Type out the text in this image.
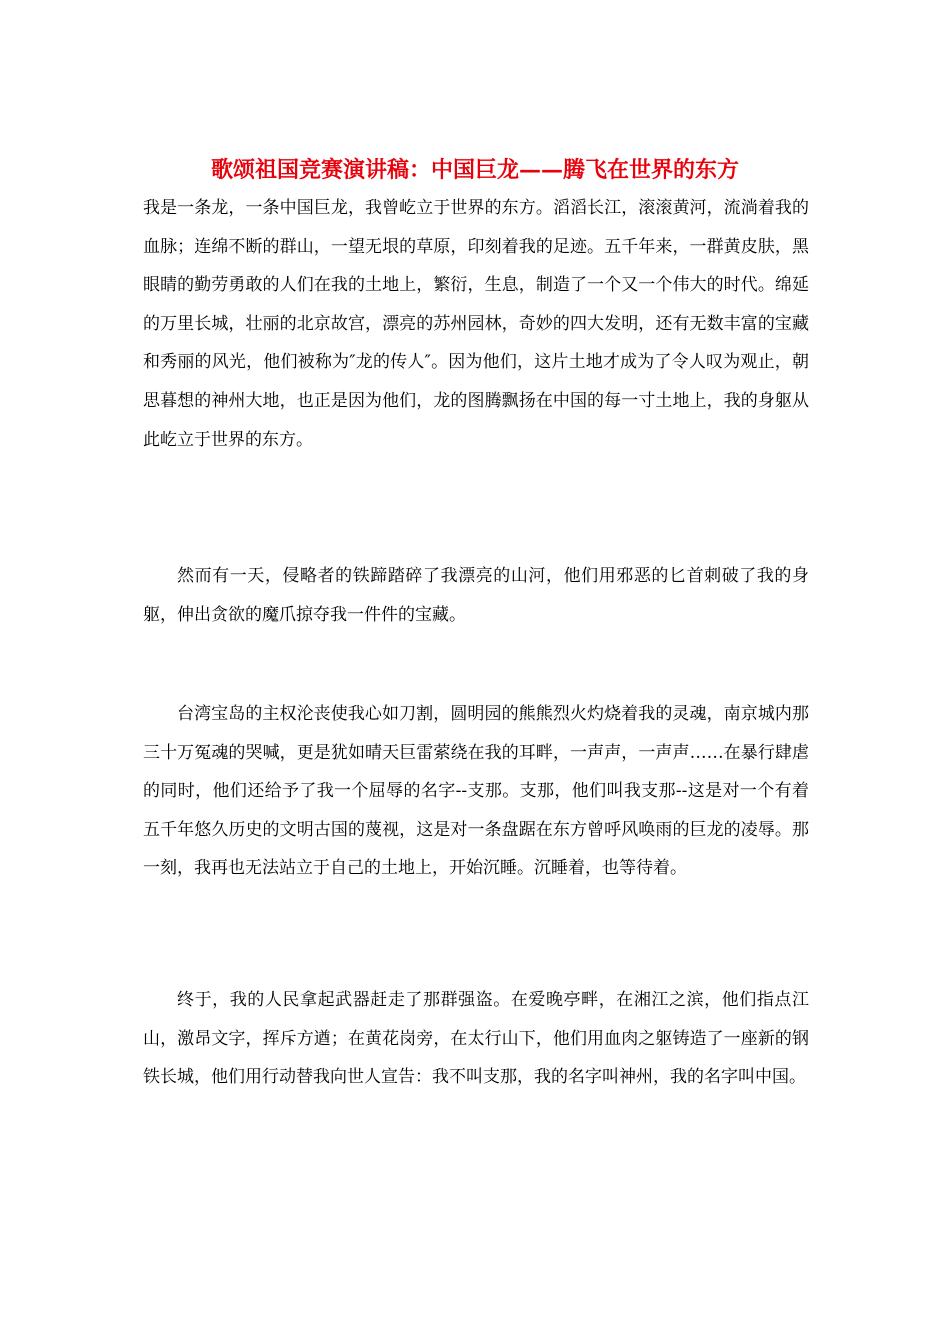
歌颂祖国竞赛演讲稿：中国巨龙——腾飞在世界的东方

我是一条龙，一条中国巨龙，我曾屹立于世界的东方。滔滔长江，滚滚黄河，流淌着我的血脉；连绵不断的群山，一望无垠的草原，印刻着我的足迹。五千年来，一群黄皮肤，黑眼睛的勤劳勇敢的人们在我的土地上，繁衍，生息，制造了一个又一个伟大的时代。绵延的万里长城，壮丽的北京故宫，漂亮的苏州园林，奇妙的四大发明，还有无数丰富的宝藏和秀丽的风光，他们被称为″龙的传人″。因为他们，这片土地才成为了令人叹为观止，朝思暮想的神州大地，也正是因为他们，龙的图腾飘扬在中国的每一寸土地上，我的身躯从此屹立于世界的东方。

然而有一天，侵略者的铁蹄踏碎了我漂亮的山河，他们用邪恶的匕首刺破了我的身躯，伸出贪欲的魔爪掠夺我一件件的宝藏。

台湾宝岛的主权沦丧使我心如刀割，圆明园的熊熊烈火灼烧着我的灵魂，南京城内那三十万冤魂的哭喊，更是犹如晴天巨雷萦绕在我的耳畔，一声声，一声声……在暴行肆虐的同时，他们还给予了我一个屈辱的名字--支那。支那，他们叫我支那--这是对一个有着五千年悠久历史的文明古国的蔑视，这是对一条盘踞在东方曾呼风唤雨的巨龙的凌辱。那一刻，我再也无法站立于自己的土地上，开始沉睡。沉睡着，也等待着。

终于，我的人民拿起武器赶走了那群强盗。在爱晚亭畔，在湘江之滨，他们指点江山，激昂文字，挥斥方遒；在黄花岗旁，在太行山下，他们用血肉之躯铸造了一座新的钢铁长城，他们用行动替我向世人宣告：我不叫支那，我的名字叫神州，我的名字叫中国。
